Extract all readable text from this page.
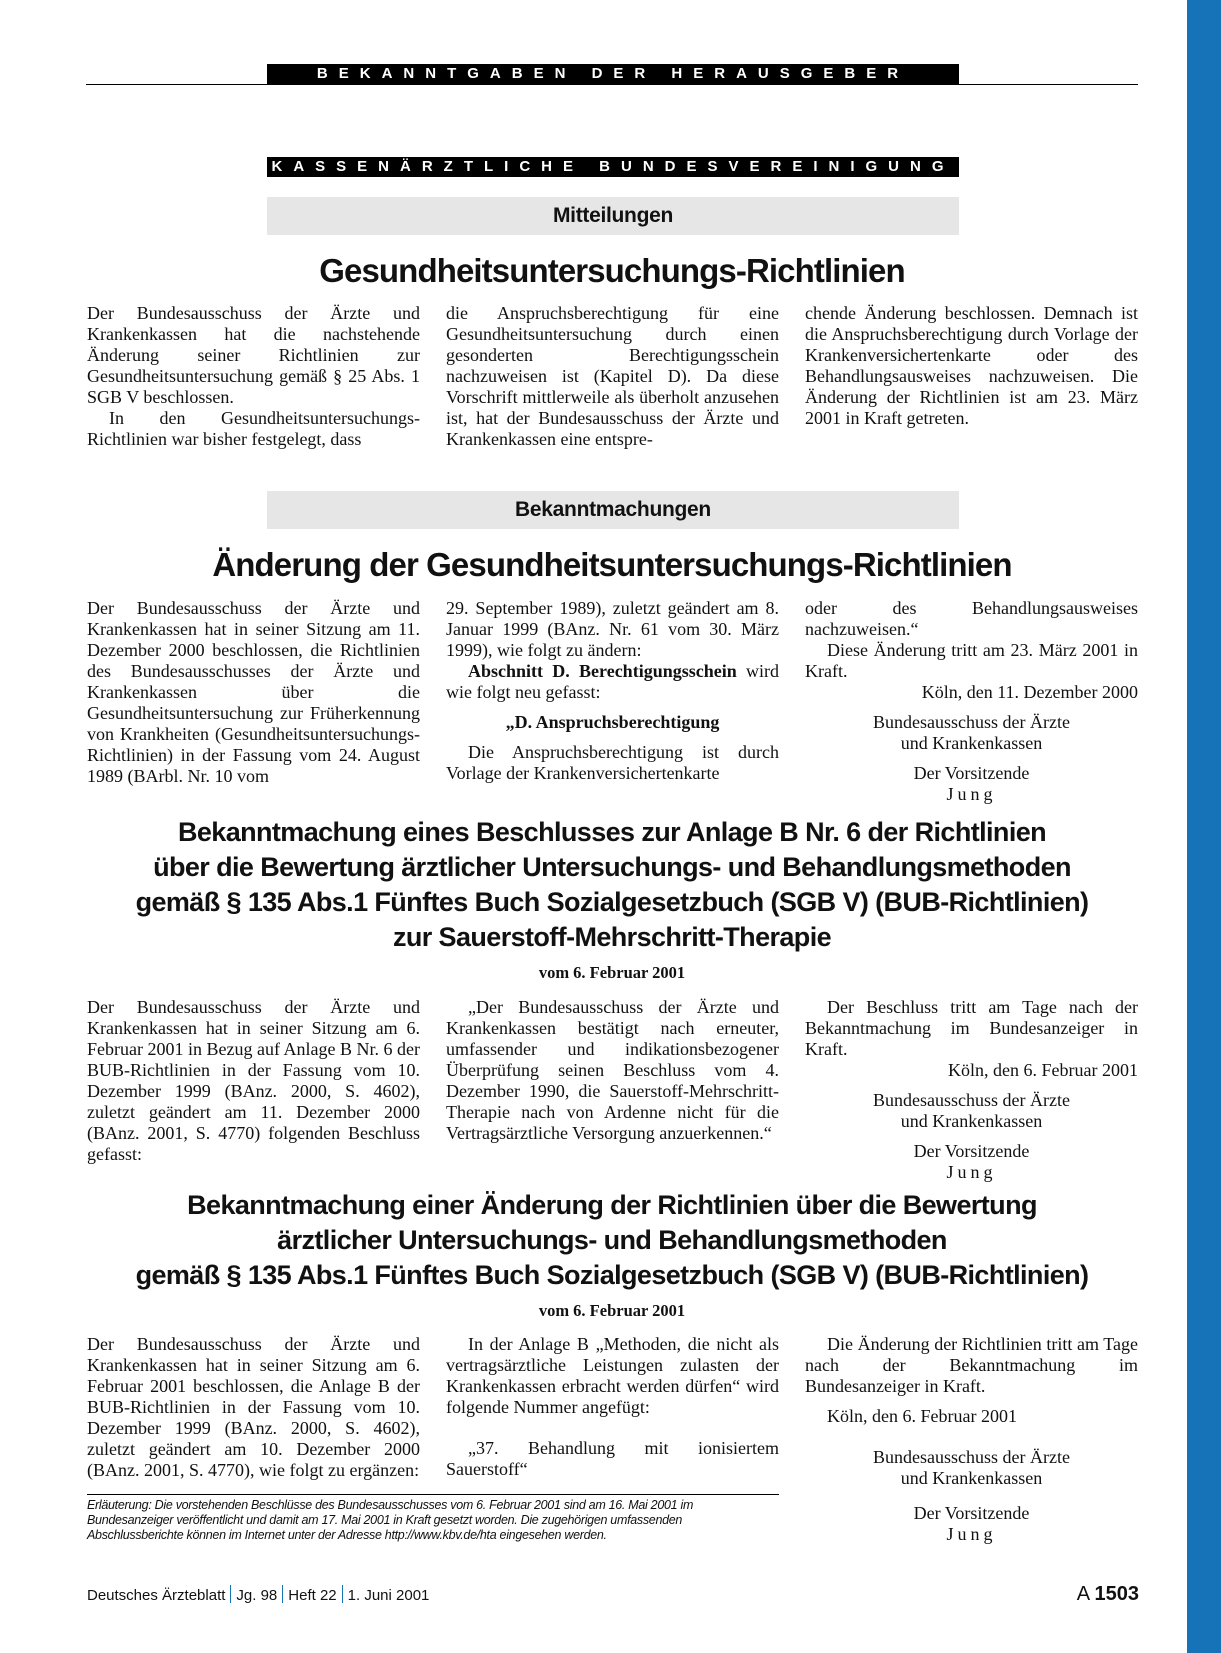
BEKANNTGABEN DER HERAUSGEBER
KASSENÄRZTLICHE BUNDESVEREINIGUNG
Mitteilungen
Gesundheitsuntersuchungs-Richtlinien

Der Bundesausschuss der Ärzte und Krankenkassen hat die nachstehende Änderung seiner Richtlinien zur Gesundheitsuntersuchung gemäß § 25 Abs. 1 SGB V beschlossen.

In den Gesundheitsuntersuchungs-Richtlinien war bisher festgelegt, dass

die Anspruchsberechtigung für eine Gesundheitsuntersuchung durch einen gesonderten Berechtigungsschein nachzuweisen ist (Kapitel D). Da diese Vorschrift mittlerweile als überholt anzusehen ist, hat der Bundesausschuss der Ärzte und Krankenkassen eine entspre-

chende Änderung beschlossen. Demnach ist die Anspruchsberechtigung durch Vorlage der Krankenversichertenkarte oder des Behandlungsausweises nachzuweisen. Die Änderung der Richtlinien ist am 23. März 2001 in Kraft getreten.

Bekanntmachungen
Änderung der Gesundheitsuntersuchungs-Richtlinien

Der Bundesausschuss der Ärzte und Krankenkassen hat in seiner Sitzung am 11. Dezember 2000 beschlossen, die Richtlinien des Bundesausschusses der Ärzte und Krankenkassen über die Gesundheitsuntersuchung zur Früherkennung von Krankheiten (Gesundheitsuntersuchungs-Richtlinien) in der Fassung vom 24. August 1989 (BArbl. Nr. 10 vom

29. September 1989), zuletzt geändert am 8. Januar 1999 (BAnz. Nr. 61 vom 30. März 1999), wie folgt zu ändern:

Abschnitt D. Berechtigungsschein wird wie folgt neu gefasst:

„D. Anspruchsberechtigung

Die Anspruchsberechtigung ist durch Vorlage der Krankenversichertenkarte

oder des Behandlungsausweises nachzuweisen.“

Diese Änderung tritt am 23. März 2001 in Kraft.

Köln, den 11. Dezember 2000

Bundesausschuss der Ärzte

und Krankenkassen

Der Vorsitzende

Jung

Bekanntmachung eines Beschlusses zur Anlage B Nr. 6 der Richtlinien
über die Bewertung ärztlicher Untersuchungs- und Behandlungsmethoden
gemäß § 135 Abs.1 Fünftes Buch Sozialgesetzbuch (SGB V) (BUB-Richtlinien)
zur Sauerstoff-Mehrschritt-Therapie
vom 6. Februar 2001

Der Bundesausschuss der Ärzte und Krankenkassen hat in seiner Sitzung am 6. Februar 2001 in Bezug auf Anlage B Nr. 6 der BUB-Richtlinien in der Fassung vom 10. Dezember 1999 (BAnz. 2000, S. 4602), zuletzt geändert am 11. Dezember 2000 (BAnz. 2001, S. 4770) folgenden Beschluss gefasst:

„Der Bundesausschuss der Ärzte und Krankenkassen bestätigt nach erneuter, umfassender und indikationsbezogener Überprüfung seinen Beschluss vom 4. Dezember 1990, die Sauerstoff-Mehrschritt-Therapie nach von Ardenne nicht für die Vertragsärztliche Versorgung anzuerkennen.“

Der Beschluss tritt am Tage nach der Bekanntmachung im Bundesanzeiger in Kraft.

Köln, den 6. Februar 2001

Bundesausschuss der Ärzte

und Krankenkassen

Der Vorsitzende

Jung

Bekanntmachung einer Änderung der Richtlinien über die Bewertung
ärztlicher Untersuchungs- und Behandlungsmethoden
gemäß § 135 Abs.1 Fünftes Buch Sozialgesetzbuch (SGB V) (BUB-Richtlinien)
vom 6. Februar 2001

Der Bundesausschuss der Ärzte und Krankenkassen hat in seiner Sitzung am 6. Februar 2001 beschlossen, die Anlage B der BUB-Richtlinien in der Fassung vom 10. Dezember 1999 (BAnz. 2000, S. 4602), zuletzt geändert am 10. Dezember 2000 (BAnz. 2001, S. 4770), wie folgt zu ergänzen:

In der Anlage B „Methoden, die nicht als vertragsärztliche Leistungen zulasten der Krankenkassen erbracht werden dürfen“ wird folgende Nummer angefügt:

„37. Behandlung mit ionisiertem Sauerstoff“

Die Änderung der Richtlinien tritt am Tage nach der Bekanntmachung im Bundesanzeiger in Kraft.

Köln, den 6. Februar 2001

Bundesausschuss der Ärzte

und Krankenkassen

Der Vorsitzende

Jung

Erläuterung: Die vorstehenden Beschlüsse des Bundesausschusses vom 6. Februar 2001 sind am 16. Mai 2001 im Bundesanzeiger veröffentlicht und damit am 17. Mai 2001 in Kraft gesetzt worden. Die zugehörigen umfassenden Abschlussberichte können im Internet unter der Adresse http://www.kbv.de/hta eingesehen werden.
Deutsches Ärzteblatt Jg. 98 Heft 22 1. Juni 2001	A 1503
